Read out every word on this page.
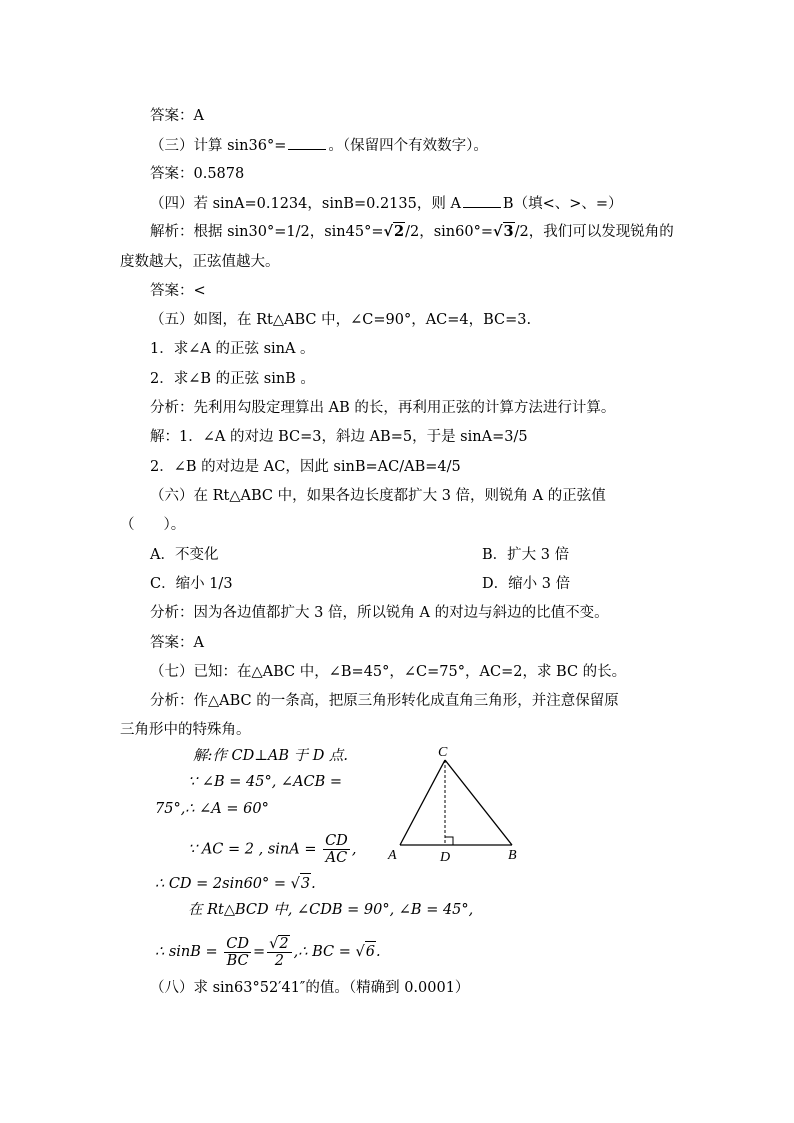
答案：A
（三）计算 sin36°=	。（保留四个有效数字）。
答案：0.5878
（四）若 sinA=0.1234，sinB=0.2135，则 A	B（填<、>、=）
解析：根据 sin30°=1/2，sin45°=√2/2，sin60°=√3/2，我们可以发现锐角的
度数越大，正弦值越大。
答案：<
（五）如图，在 Rt△ABC 中，∠C=90°，AC=4，BC=3.
1．求∠A 的正弦 sinA 。
2．求∠B 的正弦 sinB 。
分析：先利用勾股定理算出 AB 的长，再利用正弦的计算方法进行计算。
解：1．∠A 的对边 BC=3，斜边 AB=5，于是 sinA=3/5
2．∠B 的对边是 AC，因此 sinB=AC/AB=4/5
（六）在 Rt△ABC 中，如果各边长度都扩大 3 倍，则锐角 A 的正弦值
（　　）。
A．不变化	B．扩大 3 倍
C．缩小 1/3	D．缩小 3 倍
分析：因为各边值都扩大 3 倍，所以锐角 A 的对边与斜边的比值不变。
答案：A
（七）已知：在△ABC 中，∠B=45°，∠C=75°，AC=2，求 BC 的长。
分析：作△ABC 的一条高，把原三角形转化成直角三角形，并注意保留原
三角形中的特殊角。
解:作 CD⊥AB 于 D 点.
∵ ∠B = 45°, ∠ACB =
75°,∴ ∠A = 60°
∵ AC = 2 , $\sin A = \frac{CD}{AC}$ ,
∴ CD = 2sin60° = √3.
在 Rt△BCD 中, ∠CDB = 90°, ∠B = 45°,
∴ $\sin B = \frac{CD}{BC} = \frac{√2}{2}$ ,∴ BC = √6.
（八）求 sin63°52′41″的值。（精确到 0.0001）
C
A	D	B
